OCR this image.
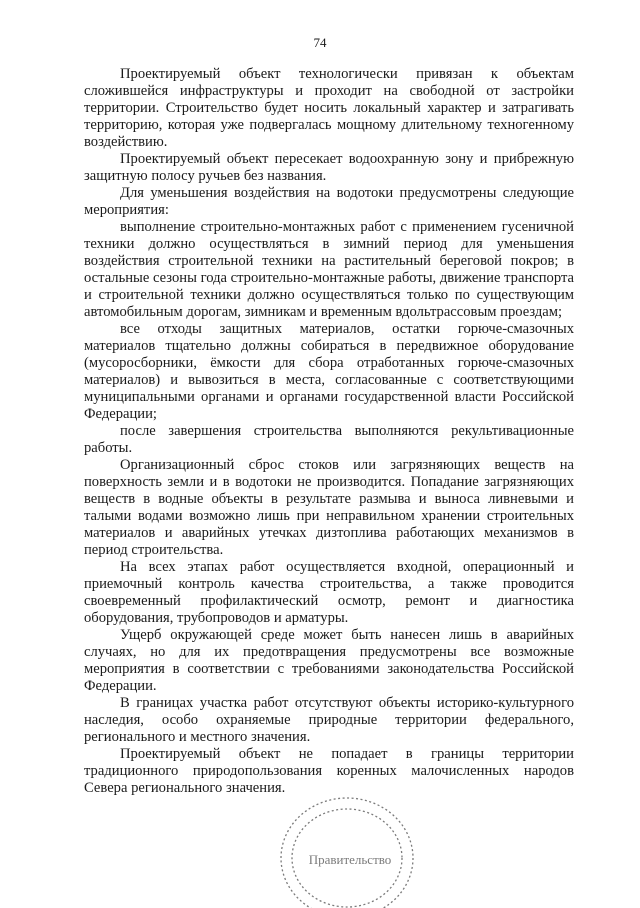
74

Проектируемый объект технологически привязан к объектам сложившейся инфраструктуры и проходит на свободной от застройки территории. Строительство будет носить локальный характер и затрагивать территорию, которая уже подвергалась мощному длительному техногенному воздействию.

Проектируемый объект пересекает водоохранную зону и прибрежную защитную полосу ручьев без названия.

Для уменьшения воздействия на водотоки предусмотрены следующие мероприятия:

выполнение строительно-монтажных работ с применением гусеничной техники должно осуществляться в зимний период для уменьшения воздействия строительной техники на растительный береговой покров; в остальные сезоны года строительно-монтажные работы, движение транспорта и строительной техники должно осуществляться только по существующим автомобильным дорогам, зимникам и временным вдольтрассовым проездам;

все отходы защитных материалов, остатки горюче-смазочных материалов тщательно должны собираться в передвижное оборудование (мусоросборники, ёмкости для сбора отработанных горюче-смазочных материалов) и вывозиться в места, согласованные с соответствующими муниципальными органами и органами государственной власти Российской Федерации;

после завершения строительства выполняются рекультивационные работы.

Организационный сброс стоков или загрязняющих веществ на поверхность земли и в водотоки не производится. Попадание загрязняющих веществ в водные объекты в результате размыва и выноса ливневыми и талыми водами возможно лишь при неправильном хранении строительных материалов и аварийных утечках дизтоплива работающих механизмов в период строительства.

На всех этапах работ осуществляется входной, операционный и приемочный контроль качества строительства, а также проводится своевременный профилактический осмотр, ремонт и диагностика оборудования, трубопроводов и арматуры.

Ущерб окружающей среде может быть нанесен лишь в аварийных случаях, но для их предотвращения предусмотрены все возможные мероприятия в соответствии с требованиями законодательства Российской Федерации.

В границах участка работ отсутствуют объекты историко-культурного наследия, особо охраняемые природные территории федерального, регионального и местного значения.

Проектируемый объект не попадает в границы территории традиционного природопользования коренных малочисленных народов Севера регионального значения.

Правительство
